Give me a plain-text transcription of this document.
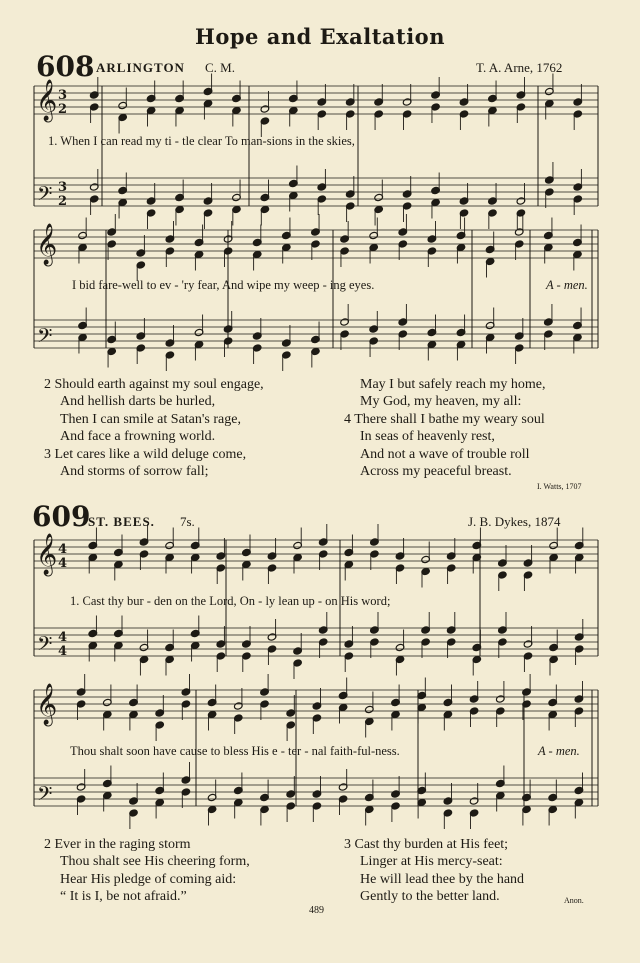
𝄞
𝄢
3
2
3
2
𝄞
𝄢
𝄞
𝄢
4
4
4
4
𝄞
𝄢
Hope and Exaltation
608 ARLINGTON C. M.	T. A. Arne, 1762
1. When I can read my ti - tle clear To man-sions in the skies,
I bid fare-well to ev - 'ry fear, And wipe my weep - ing eyes.	A - men.
2 Should earth against my soul engage,
And hellish darts be hurled,
Then I can smile at Satan's rage,
And face a frowning world.
3 Let cares like a wild deluge come,
And storms of sorrow fall;
May I but safely reach my home,
My God, my heaven, my all:
4 There shall I bathe my weary soul
In seas of heavenly rest,
And not a wave of trouble roll
Across my peaceful breast.
I. Watts, 1707
609
ST. BEES. 7s.	J. B. Dykes, 1874
1. Cast thy bur - den on the Lord, On - ly lean up - on His word;
Thou shalt soon have cause to bless His e - ter - nal faith-ful-ness.	A - men.
2 Ever in the raging storm
Thou shalt see His cheering form,
Hear His pledge of coming aid:
“ It is I, be not afraid.”
3 Cast thy burden at His feet;
Linger at His mercy-seat:
He will lead thee by the hand
Gently to the better land.	Anon.
489
